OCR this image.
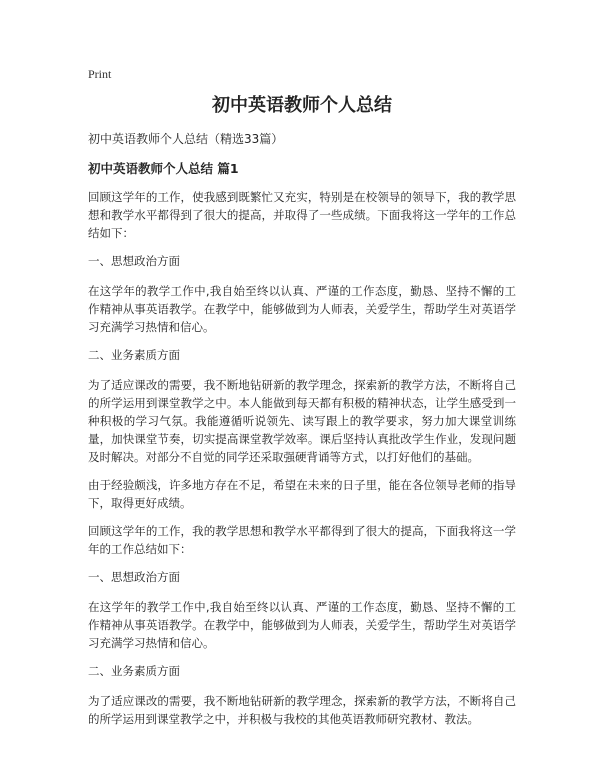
Print
初中英语教师个人总结
初中英语教师个人总结（精选33篇）
初中英语教师个人总结 篇1

回顾这学年的工作，使我感到既繁忙又充实，特别是在校领导的领导下，我的教学思想和教学水平都得到了很大的提高，并取得了一些成绩。下面我将这一学年的工作总结如下：

一、思想政治方面

在这学年的教学工作中,我自始至终以认真、严谨的工作态度，勤恳、坚持不懈的工作精神从事英语教学。在教学中，能够做到为人师表，关爱学生，帮助学生对英语学习充满学习热情和信心。

二、业务素质方面

为了适应课改的需要，我不断地钻研新的教学理念，探索新的教学方法，不断将自己的所学运用到课堂教学之中。本人能做到每天都有积极的精神状态，让学生感受到一种积极的学习气氛。我能遵循听说领先、读写跟上的教学要求，努力加大课堂训练量，加快课堂节奏，切实提高课堂教学效率。课后坚持认真批改学生作业，发现问题及时解决。对部分不自觉的同学还采取强硬背诵等方式，以打好他们的基础。

由于经验颇浅，许多地方存在不足，希望在未来的日子里，能在各位领导老师的指导下，取得更好成绩。

回顾这学年的工作，我的教学思想和教学水平都得到了很大的提高，下面我将这一学年的工作总结如下：

一、思想政治方面

在这学年的教学工作中,我自始至终以认真、严谨的工作态度，勤恳、坚持不懈的工作精神从事英语教学。在教学中，能够做到为人师表，关爱学生，帮助学生对英语学习充满学习热情和信心。

二、业务素质方面

为了适应课改的需要，我不断地钻研新的教学理念，探索新的教学方法，不断将自己的所学运用到课堂教学之中，并积极与我校的其他英语教师研究教材、教法。
